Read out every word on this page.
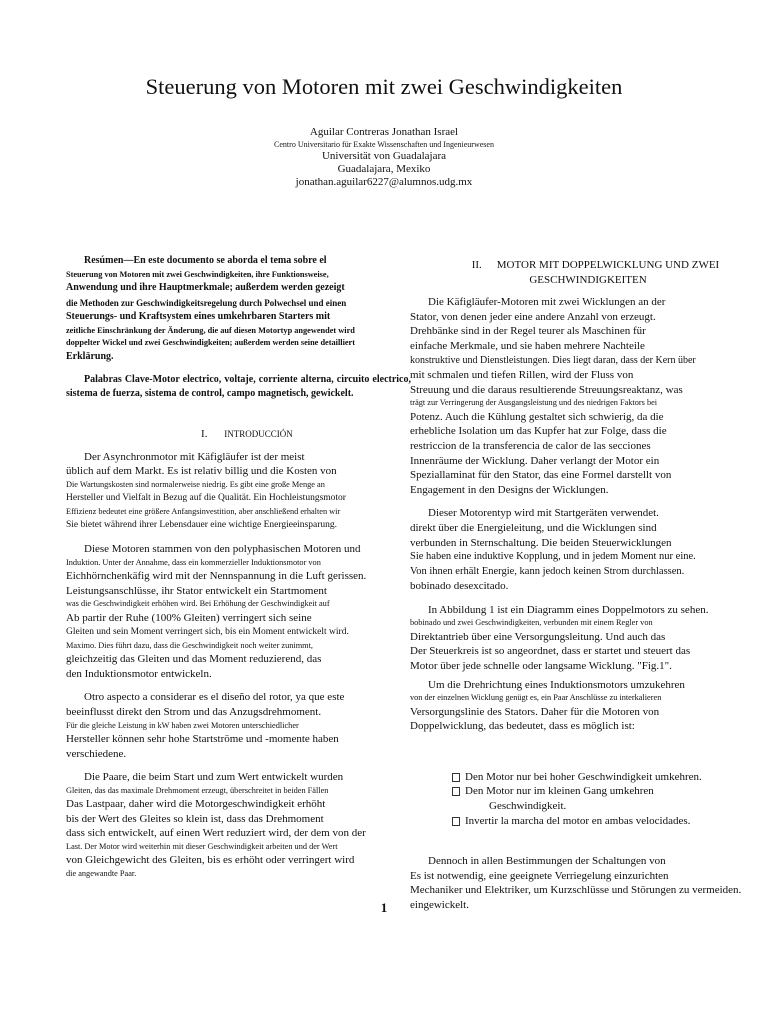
Steuerung von Motoren mit zwei Geschwindigkeiten
Aguilar Contreras Jonathan Israel
Centro Universitario für Exakte Wissenschaften und Ingenieurwesen
Universität von Guadalajara
Guadalajara, Mexiko
jonathan.aguilar6227@alumnos.udg.mx

Resúmen—En este documento se aborda el tema sobre el

Steuerung von Motoren mit zwei Geschwindigkeiten, ihre Funktionsweise,

Anwendung und ihre Hauptmerkmale; außerdem werden gezeigt

die Methoden zur Geschwindigkeitsregelung durch Polwechsel und einen

Steuerungs- und Kraftsystem eines umkehrbaren Starters mit

zeitliche Einschränkung der Änderung, die auf diesen Motortyp angewendet wird

doppelter Wickel und zwei Geschwindigkeiten; außerdem werden seine detailliert

Erklärung.

Palabras Clave-Motor electrico, voltaje, corriente alterna, circuito electrico, sistema de fuerza, sistema de control, campo magnetisch, gewickelt.

I. INTRODUCCIÓN

Der Asynchronmotor mit Käfigläufer ist der meist

üblich auf dem Markt. Es ist relativ billig und die Kosten von

Die Wartungskosten sind normalerweise niedrig. Es gibt eine große Menge an

Hersteller und Vielfalt in Bezug auf die Qualität. Ein Hochleistungsmotor

Effizienz bedeutet eine größere Anfangsinvestition, aber anschließend erhalten wir

Sie bietet während ihrer Lebensdauer eine wichtige Energieeinsparung.

Diese Motoren stammen von den polyphasischen Motoren und

Induktion. Unter der Annahme, dass ein kommerzieller Induktionsmotor von

Eichhörnchenkäfig wird mit der Nennspannung in die Luft gerissen.

Leistungsanschlüsse, ihr Stator entwickelt ein Startmoment

was die Geschwindigkeit erhöhen wird. Bei Erhöhung der Geschwindigkeit auf

Ab partir der Ruhe (100% Gleiten) verringert sich seine

Gleiten und sein Moment verringert sich, bis ein Moment entwickelt wird.

Maximo. Dies führt dazu, dass die Geschwindigkeit noch weiter zunimmt,

gleichzeitig das Gleiten und das Moment reduzierend, das

den Induktionsmotor entwickeln.

Otro aspecto a considerar es el diseño del rotor, ya que este

beeinflusst direkt den Strom und das Anzugsdrehmoment.

Für die gleiche Leistung in kW haben zwei Motoren unterschiedlicher

Hersteller können sehr hohe Startströme und -momente haben

verschiedene.

Die Paare, die beim Start und zum Wert entwickelt wurden

Gleiten, das das maximale Drehmoment erzeugt, überschreitet in beiden Fällen

Das Lastpaar, daher wird die Motorgeschwindigkeit erhöht

bis der Wert des Gleites so klein ist, dass das Drehmoment

dass sich entwickelt, auf einen Wert reduziert wird, der dem von der

Last. Der Motor wird weiterhin mit dieser Geschwindigkeit arbeiten und der Wert

von Gleichgewicht des Gleiten, bis es erhöht oder verringert wird

die angewandte Paar.

II. MOTOR MIT DOPPELWICKLUNG UND ZWEI
GESCHWINDIGKEITEN

Die Käfigläufer-Motoren mit zwei Wicklungen an der

Stator, von denen jeder eine andere Anzahl von erzeugt.

Drehbänke sind in der Regel teurer als Maschinen für

einfache Merkmale, und sie haben mehrere Nachteile

konstruktive und Dienstleistungen. Dies liegt daran, dass der Kern über

mit schmalen und tiefen Rillen, wird der Fluss von

Streuung und die daraus resultierende Streuungsreaktanz, was

trägt zur Verringerung der Ausgangsleistung und des niedrigen Faktors bei

Potenz. Auch die Kühlung gestaltet sich schwierig, da die

erhebliche Isolation um das Kupfer hat zur Folge, dass die

restriccion de la transferencia de calor de las secciones

Innenräume der Wicklung. Daher verlangt der Motor ein

Speziallaminat für den Stator, das eine Formel darstellt von

Engagement in den Designs der Wicklungen.

Dieser Motorentyp wird mit Startgeräten verwendet.

direkt über die Energieleitung, und die Wicklungen sind

verbunden in Sternschaltung. Die beiden Steuerwicklungen

Sie haben eine induktive Kopplung, und in jedem Moment nur eine.

Von ihnen erhält Energie, kann jedoch keinen Strom durchlassen.

bobinado desexcitado.

In Abbildung 1 ist ein Diagramm eines Doppelmotors zu sehen.

bobinado und zwei Geschwindigkeiten, verbunden mit einem Regler von

Direktantrieb über eine Versorgungsleitung. Und auch das

Der Steuerkreis ist so angeordnet, dass er startet und steuert das

Motor über jede schnelle oder langsame Wicklung. "Fig.1".

Um die Drehrichtung eines Induktionsmotors umzukehren

von der einzelnen Wicklung genügt es, ein Paar Anschlüsse zu interkalieren

Versorgungslinie des Stators. Daher für die Motoren von

Doppelwicklung, das bedeutet, dass es möglich ist:

Den Motor nur bei hoher Geschwindigkeit umkehren.
Den Motor nur im kleinen Gang umkehren
Geschwindigkeit.
Invertir la marcha del motor en ambas velocidades.

Dennoch in allen Bestimmungen der Schaltungen von

Es ist notwendig, eine geeignete Verriegelung einzurichten

Mechaniker und Elektriker, um Kurzschlüsse und Störungen zu vermeiden.

eingewickelt.

1
